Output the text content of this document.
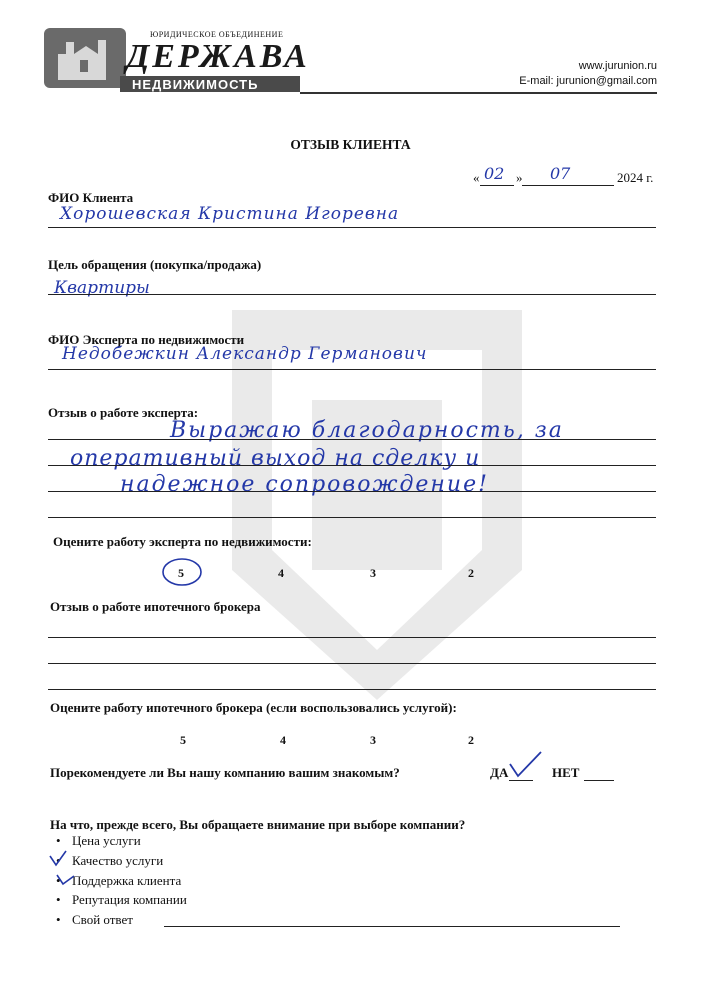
ЮРИДИЧЕСКОЕ ОБЪЕДИНЕНИЕ
ДЕРЖАВА
НЕДВИЖИМОСТЬ
www.jurunion.ru
E-mail: jurunion@gmail.com
ОТЗЫВ КЛИЕНТА
« 02 » 07	2024 г.
ФИО Клиента
Хорошевская Кристина Игоревна
Цель обращения (покупка/продажа)
Квартиры
ФИО Эксперта по недвижимости
Недобежкин Александр Германович
Отзыв о работе эксперта:
Выражаю благодарность, за
оперативный выход на сделку и
надежное сопровождение!
Оцените работу эксперта по недвижимости:
5	4	3	2
Отзыв о работе ипотечного брокера
Оцените работу ипотечного брокера (если воспользовались услугой):
5	4	3	2
Порекомендуете ли Вы нашу компанию вашим знакомым?	ДА	НЕТ
На что, прежде всего, Вы обращаете внимание при выборе компании?
• Цена услуги
• Качество услуги
• Поддержка клиента
• Репутация компании
• Свой ответ
